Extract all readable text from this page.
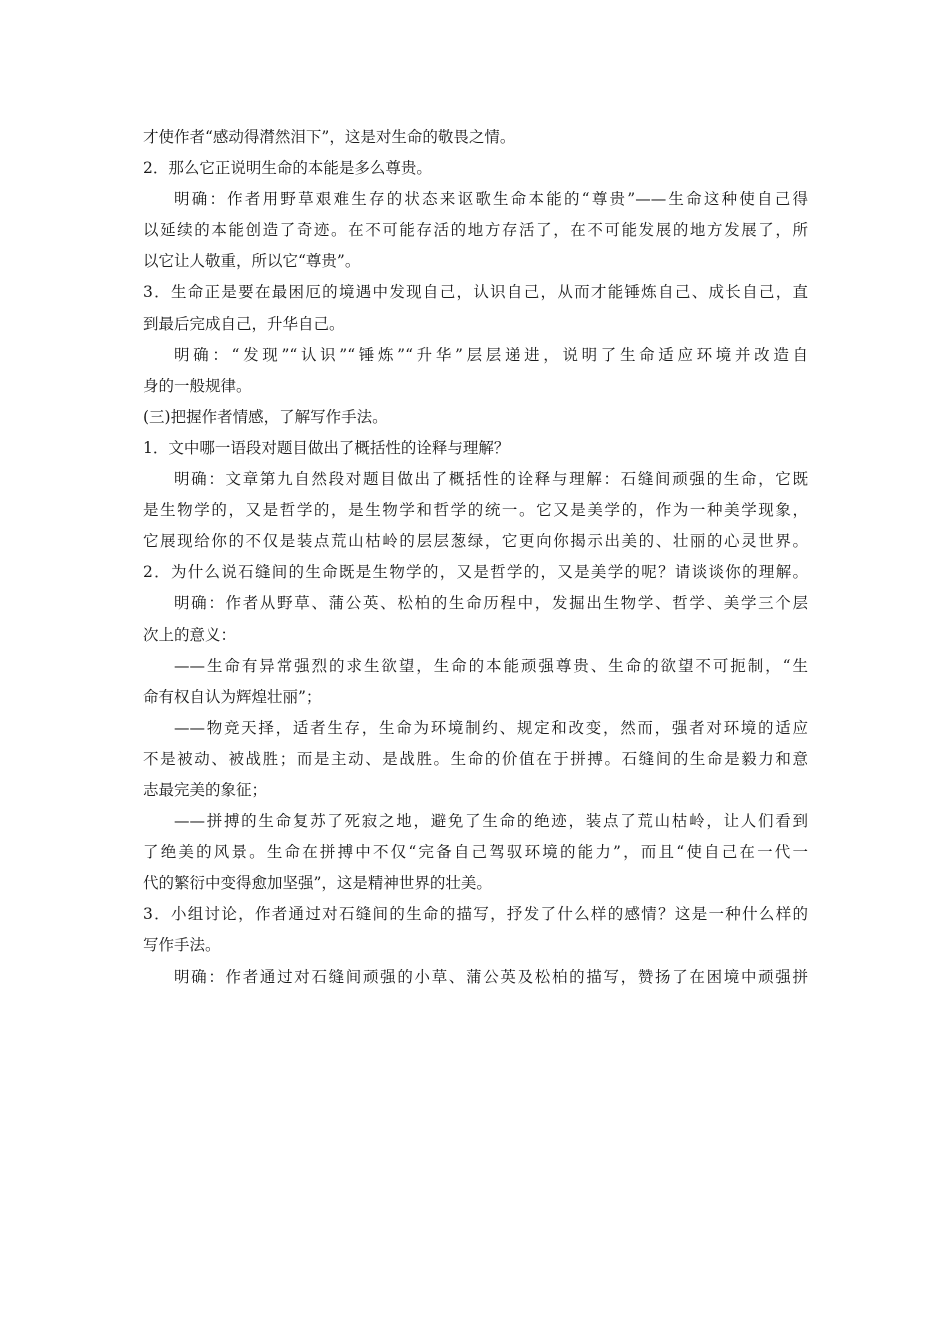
才使作者“感动得潸然泪下”，这是对生命的敬畏之情。
2．那么它正说明生命的本能是多么尊贵。
明确：作者用野草艰难生存的状态来讴歌生命本能的“尊贵”——生命这种使自己得
以延续的本能创造了奇迹。在不可能存活的地方存活了，在不可能发展的地方发展了，所
以它让人敬重，所以它“尊贵”。
3．生命正是要在最困厄的境遇中发现自己，认识自己，从而才能锤炼自己、成长自己，直
到最后完成自己，升华自己。
明确：“发现”“认识”“锤炼”“升华”层层递进，说明了生命适应环境并改造自
身的一般规律。
(三)把握作者情感，了解写作手法。
1．文中哪一语段对题目做出了概括性的诠释与理解？
明确：文章第九自然段对题目做出了概括性的诠释与理解：石缝间顽强的生命，它既
是生物学的，又是哲学的，是生物学和哲学的统一。它又是美学的，作为一种美学现象，
它展现给你的不仅是装点荒山枯岭的层层葱绿，它更向你揭示出美的、壮丽的心灵世界。
2．为什么说石缝间的生命既是生物学的，又是哲学的，又是美学的呢？请谈谈你的理解。
明确：作者从野草、蒲公英、松柏的生命历程中，发掘出生物学、哲学、美学三个层
次上的意义：
——生命有异常强烈的求生欲望，生命的本能顽强尊贵、生命的欲望不可扼制，“生
命有权自认为辉煌壮丽”；
——物竞天择，适者生存，生命为环境制约、规定和改变，然而，强者对环境的适应
不是被动、被战胜；而是主动、是战胜。生命的价值在于拼搏。石缝间的生命是毅力和意
志最完美的象征；
——拼搏的生命复苏了死寂之地，避免了生命的绝迹，装点了荒山枯岭，让人们看到
了绝美的风景。生命在拼搏中不仅“完备自己驾驭环境的能力”，而且“使自己在一代一
代的繁衍中变得愈加坚强”，这是精神世界的壮美。
3．小组讨论，作者通过对石缝间的生命的描写，抒发了什么样的感情？这是一种什么样的
写作手法。
明确：作者通过对石缝间顽强的小草、蒲公英及松柏的描写，赞扬了在困境中顽强拼
